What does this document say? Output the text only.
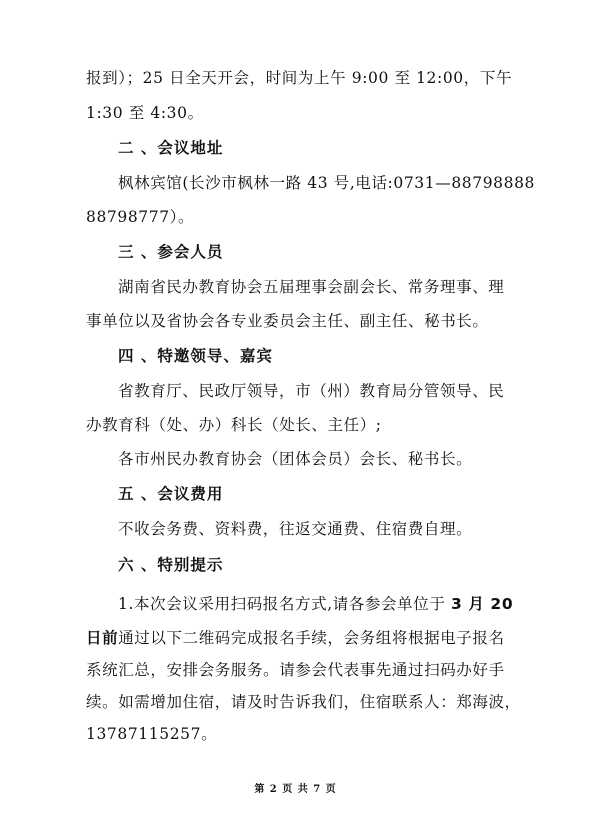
报到）；25 日全天开会，时间为上午 9:00 至 12:00，下午
1:30 至 4:30。
二 、会议地址
枫林宾馆(长沙市枫林一路 43 号,电话:0731—88798888
88798777）。
三 、参会人员
湖南省民办教育协会五届理事会副会长、常务理事、理
事单位以及省协会各专业委员会主任、副主任、秘书长。
四 、特邀领导、嘉宾
省教育厅、民政厅领导，市（州）教育局分管领导、民
办教育科（处、办）科长（处长、主任）;
各市州民办教育协会（团体会员）会长、秘书长。
五 、会议费用
不收会务费、资料费，往返交通费、住宿费自理。
六 、特别提示
1.本次会议采用扫码报名方式,请各参会单位于 3 月 20
日前通过以下二维码完成报名手续，会务组将根据电子报名
系统汇总，安排会务服务。请参会代表事先通过扫码办好手
续。如需增加住宿，请及时告诉我们，住宿联系人：郑海波，
13787115257。
第 2 页 共 7 页
